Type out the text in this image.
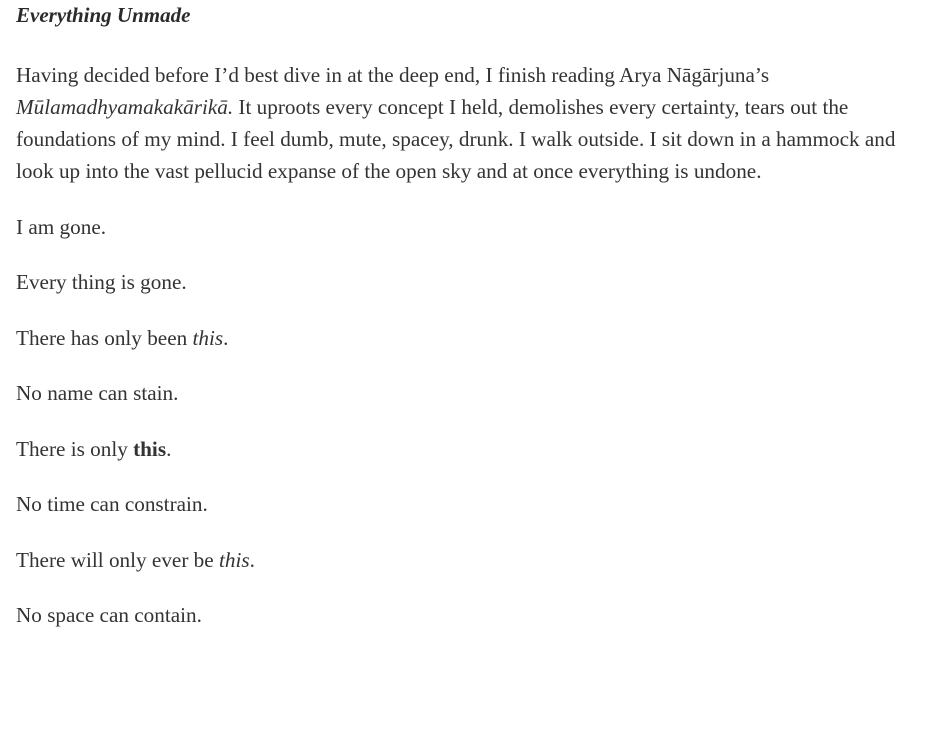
Everything Unmade

Having decided before I’d best dive in at the deep end, I finish reading Arya Nāgārjuna’s Mūlamadhyamakakārikā. It uproots every concept I held, demolishes every certainty, tears out the foundations of my mind. I feel dumb, mute, spacey, drunk. I walk outside. I sit down in a hammock and look up into the vast pellucid expanse of the open sky and at once everything is undone.

I am gone.

Every thing is gone.

There has only been this.

No name can stain.

There is only this.

No time can constrain.

There will only ever be this.

No space can contain.
